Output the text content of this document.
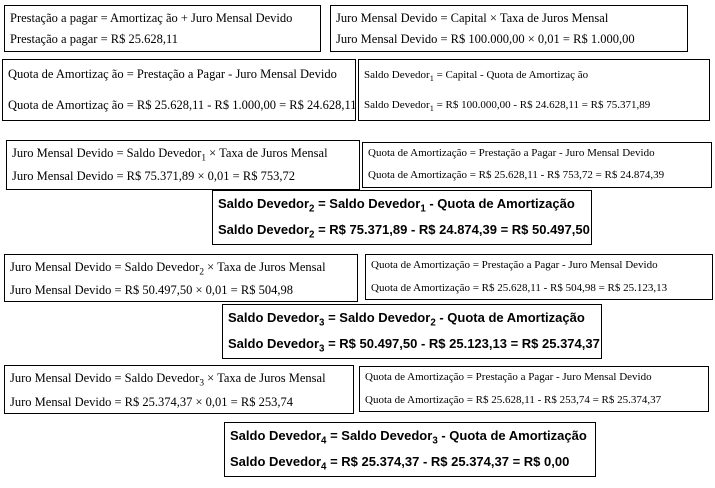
Prestação a pagar = Amortizaç ão + Juro Mensal Devido
Prestação a pagar = R$ 25.628,11
Juro Mensal Devido = Capital × Taxa de Juros Mensal
Juro Mensal Devido = R$ 100.000,00 × 0,01 = R$ 1.000,00
Quota de Amortizaç ão = Prestação a Pagar - Juro Mensal Devido
Quota de Amortizaç ão = R$ 25.628,11 - R$ 1.000,00 = R$ 24.628,11
Saldo Devedor$_1$ = Capital - Quota de Amortizaç ão
Saldo Devedor$_1$ = R$ 100.000,00 - R$ 24.628,11 = R$ 75.371,89
Juro Mensal Devido = Saldo Devedor$_1$ × Taxa de Juros Mensal
Juro Mensal Devido = R$ 75.371,89 × 0,01 = R$ 753,72
Quota de Amortização = Prestação a Pagar - Juro Mensal Devido
Quota de Amortização = R$ 25.628,11 - R$ 753,72 = R$ 24.874,39
Saldo Devedor$_2$ = Saldo Devedor$_1$ - Quota de Amortização
Saldo Devedor$_2$ = R$ 75.371,89 - R$ 24.874,39 = R$ 50.497,50
Juro Mensal Devido = Saldo Devedor$_2$ × Taxa de Juros Mensal
Juro Mensal Devido = R$ 50.497,50 × 0,01 = R$ 504,98
Quota de Amortização = Prestação a Pagar - Juro Mensal Devido
Quota de Amortização = R$ 25.628,11 - R$ 504,98 = R$ 25.123,13
Saldo Devedor$_3$ = Saldo Devedor$_2$ - Quota de Amortização
Saldo Devedor$_3$ = R$ 50.497,50 - R$ 25.123,13 = R$ 25.374,37
Juro Mensal Devido = Saldo Devedor$_3$ × Taxa de Juros Mensal
Juro Mensal Devido = R$ 25.374,37 × 0,01 = R$ 253,74
Quota de Amortização = Prestação a Pagar - Juro Mensal Devido
Quota de Amortização = R$ 25.628,11 - R$ 253,74 = R$ 25.374,37
Saldo Devedor$_4$ = Saldo Devedor$_3$ - Quota de Amortização
Saldo Devedor$_4$ = R$ 25.374,37 - R$ 25.374,37 = R$ 0,00
